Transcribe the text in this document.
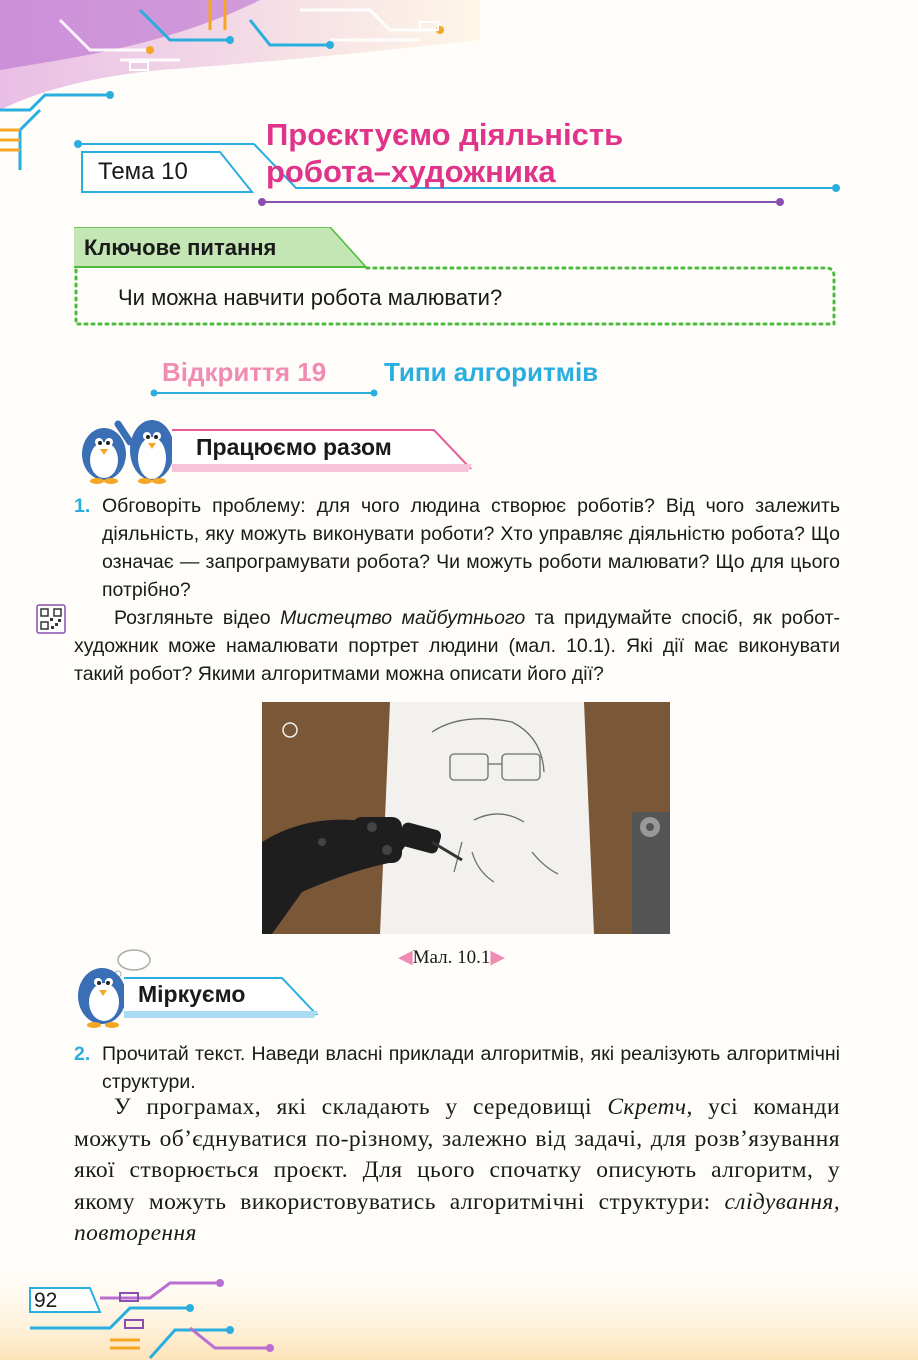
Тема 10
Проєктуємо діяльність
робота–художника
Ключове питання
Чи можна навчити робота малювати?
Відкриття 19 Типи алгоритмів
Працюємо разом
1. Обговоріть проблему: для чого людина створює роботів? Від чого залежить діяльність, яку можуть виконувати роботи? Хто управляє діяльністю робота? Що означає — запрограмувати робота? Чи можуть роботи малювати? Що для цього потрібно?
Розгляньте відео Мистецтво майбутнього та придумайте спосіб, як робот-художник може намалювати портрет людини (мал. 10.1). Які дії має виконувати такий робот? Якими алгоритмами можна описати його дії?
◀Мал. 10.1▶
Міркуємо
2. Прочитай текст. Наведи власні приклади алгоритмів, які реалізують алгоритмічні структури.
У програмах, які складають у середовищі Скретч, усі команди можуть об’єднуватися по-різному, залежно від задачі, для розв’язування якої створюється проєкт. Для цього спочатку описують алгоритм, у якому можуть використовуватись алгоритмічні структури: слідування, повторення
92
